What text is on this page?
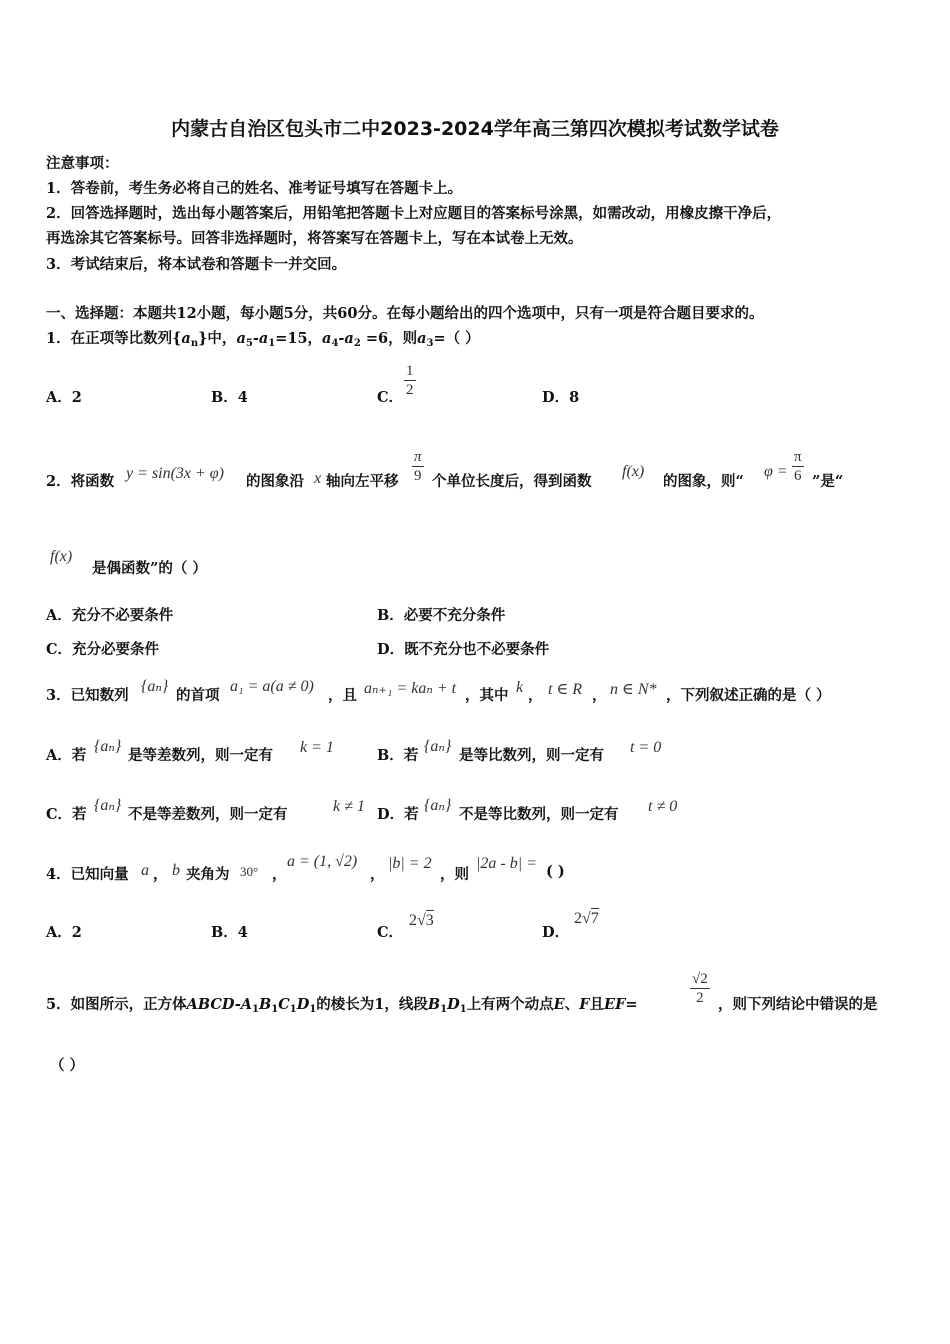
内蒙古自治区包头市二中2023-2024学年高三第四次模拟考试数学试卷
注意事项：
1．答卷前，考生务必将自己的姓名、准考证号填写在答题卡上。
2．回答选择题时，选出每小题答案后，用铅笔把答题卡上对应题目的答案标号涂黑，如需改动，用橡皮擦干净后，
再选涂其它答案标号。回答非选择题时，将答案写在答题卡上，写在本试卷上无效。
3．考试结束后，将本试卷和答题卡一并交回。
一、选择题：本题共12小题，每小题5分，共60分。在每小题给出的四个选项中，只有一项是符合题目要求的。
1．在正项等比数列$\{a_n\}$中，$a_5-a_1=15$，$a_4-a_2 =6$，则$a_3=$（ ）
A．2	B．4	C． $\frac{1}{2}$	D．8
2．将函数 y = sin(3x + φ) 的图象沿 x 轴向左平移 $\frac{\pi}{9}$ 个单位长度后，得到函数
f(x)
的图象，则“
$\varphi = \frac{\pi}{6}$ ”是“
f(x)
是偶函数”的（ ）
A．充分不必要条件	B．必要不充分条件
C．充分必要条件	D．既不充分也不必要条件
3．已知数列
{aₙ}
的首项
a₁ = a(a ≠ 0)
，且 aₙ₊₁ = kaₙ + t ，其中 k ， t ∈ R ， n ∈ N* ，下列叙述正确的是（ ）
A．若
{aₙ}
是等差数列，则一定有 k = 1	B．若
{aₙ}
是等比数列，则一定有 t = 0
C．若
{aₙ}
不是等差数列，则一定有	k ≠ 1 D．若
{aₙ}
不是等比数列，则一定有 t ≠ 0
4．已知向量 a ， b 夹角为 30° ，
a = (1, √2)
，
|b| = 2
，则
|2a - b| = ( )
A．2	B．4	C．
2√3
D．
2√7
5．如图所示，正方体ABCD-$A_1B_1C_1D_1$的棱长为1，线段$B_1D_1$上有两个动点E、F且EF=	$\frac{√2}{2}$ ，则下列结论中错误的是
（ ）
